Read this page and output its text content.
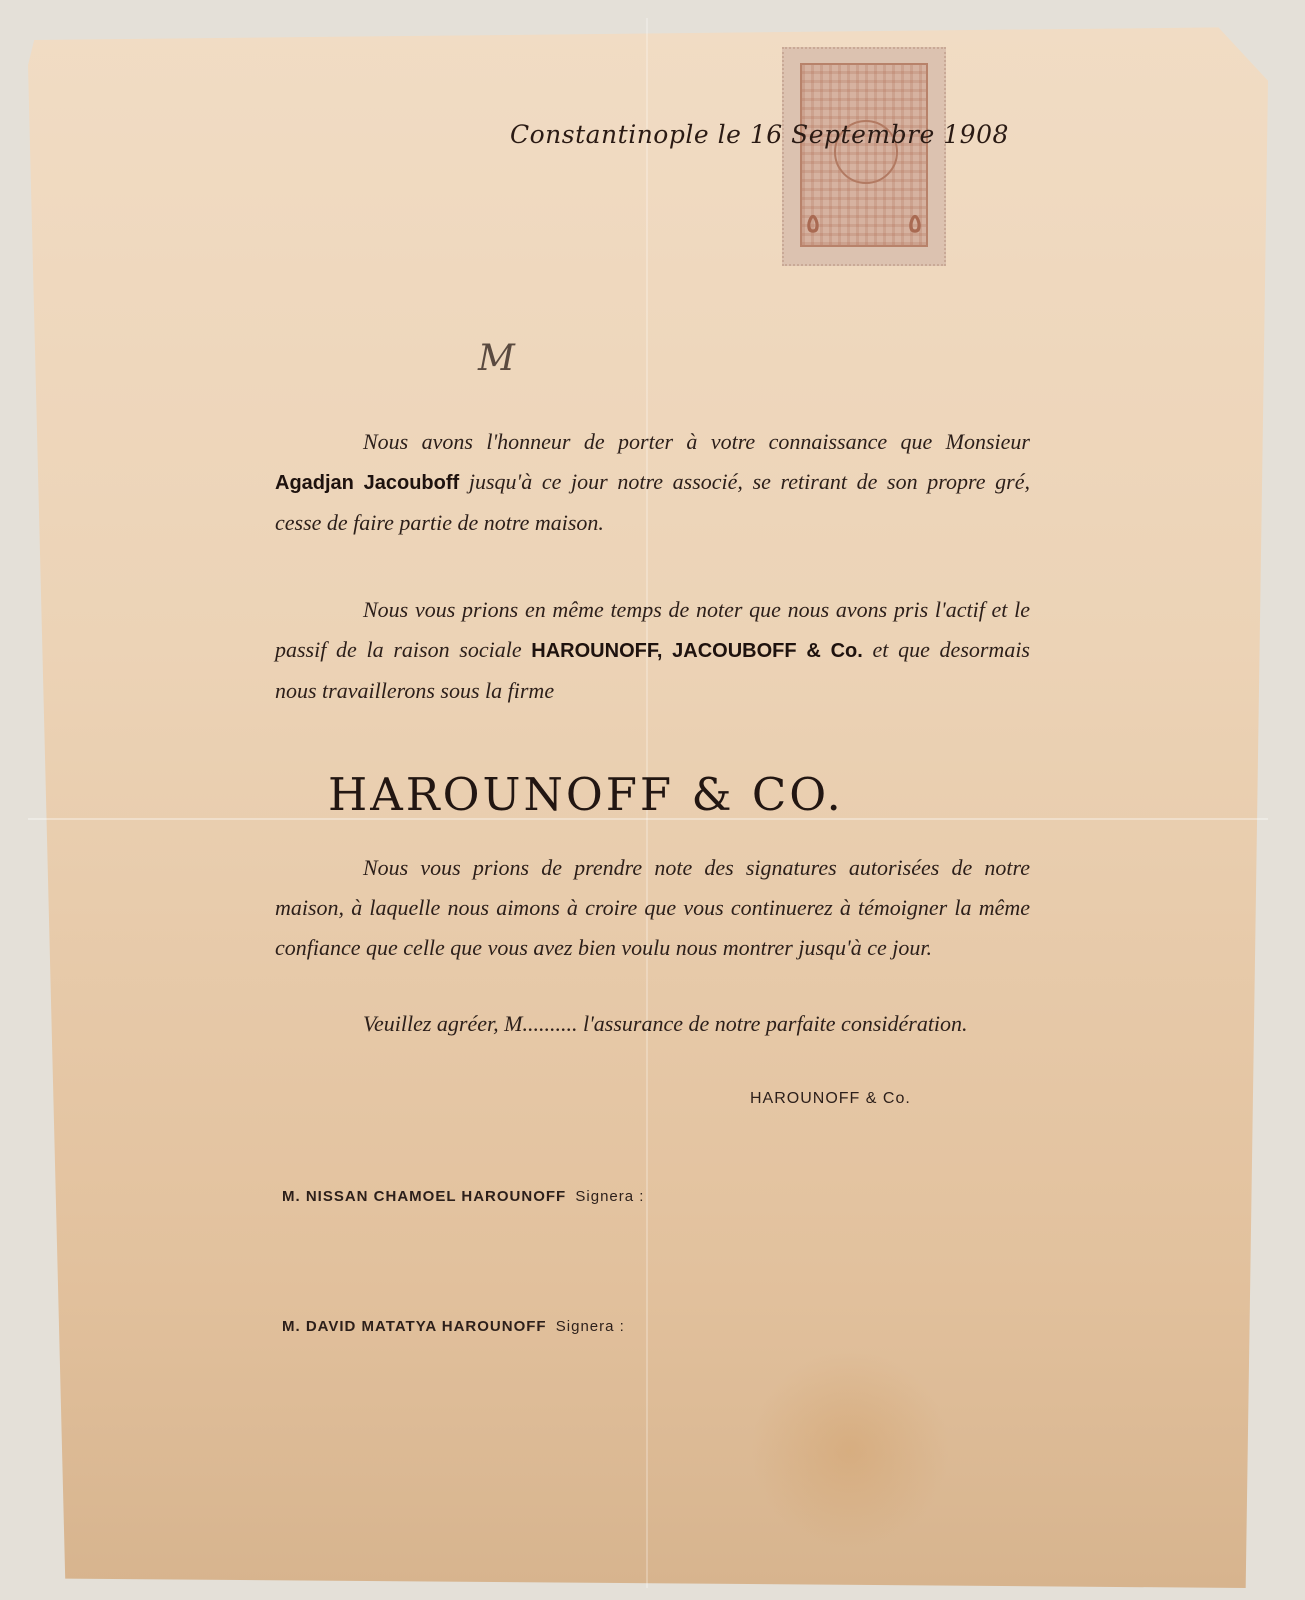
٥	٥
Constantinople le 16 Septembre 1908
M
Nous avons l'honneur de porter à votre connaissance que Monsieur Agadjan Jacouboff jusqu'à ce jour notre associé, se retirant de son propre gré, cesse de faire partie de notre maison.
Nous vous prions en même temps de noter que nous avons pris l'actif et le passif de la raison sociale HAROUNOFF, JACOUBOFF & Co. et que desormais nous travaillerons sous la firme
HAROUNOFF & CO.
Nous vous prions de prendre note des signatures autorisées de notre maison, à laquelle nous aimons à croire que vous continuerez à témoigner la même confiance que celle que vous avez bien voulu nous montrer jusqu'à ce jour.
Veuillez agréer, M.......... l'assurance de notre parfaite considération.
HAROUNOFF & Co.
M. NISSAN CHAMOEL HAROUNOFF Signera :
M. DAVID MATATYA HAROUNOFF Signera :
